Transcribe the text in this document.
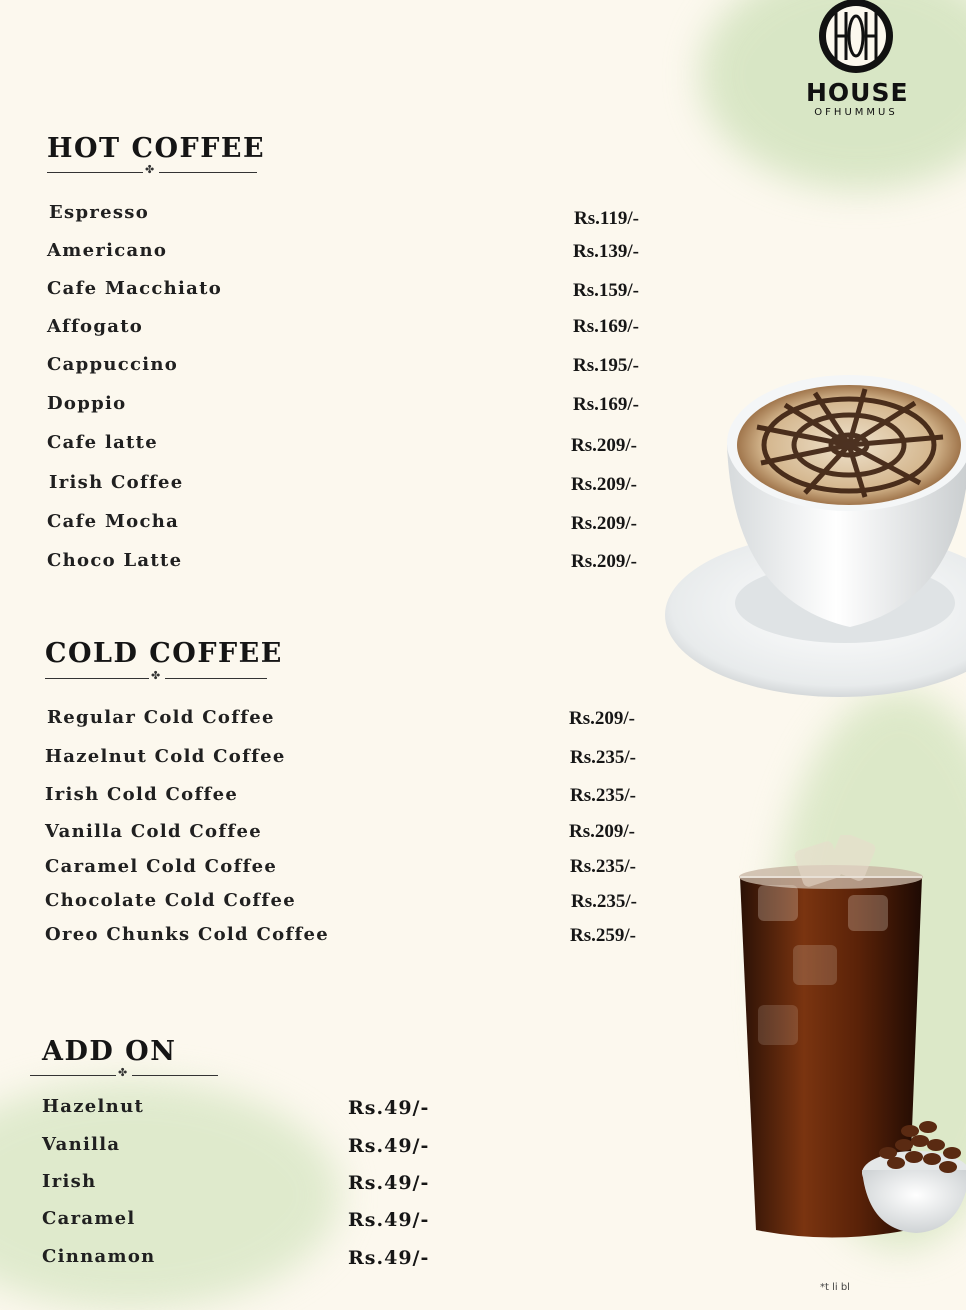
HOUSE
OFHUMMUS
HOT COFFEE
✤
Espresso	Rs.119/-
Americano	Rs.139/-
Cafe Macchiato	Rs.159/-
Affogato	Rs.169/-
Cappuccino	Rs.195/-
Doppio	Rs.169/-
Cafe latte	Rs.209/-
Irish Coffee	Rs.209/-
Cafe Mocha	Rs.209/-
Choco Latte	Rs.209/-
COLD COFFEE
✤
Regular Cold Coffee	Rs.209/-
Hazelnut Cold Coffee	Rs.235/-
Irish Cold Coffee	Rs.235/-
Vanilla Cold Coffee	Rs.209/-
Caramel Cold Coffee	Rs.235/-
Chocolate Cold Coffee	Rs.235/-
Oreo Chunks Cold Coffee	Rs.259/-
ADD ON
✤
Hazelnut	Rs.49/-
Vanilla	Rs.49/-
Irish	Rs.49/-
Caramel	Rs.49/-
Cinnamon	Rs.49/-
*t li bl
